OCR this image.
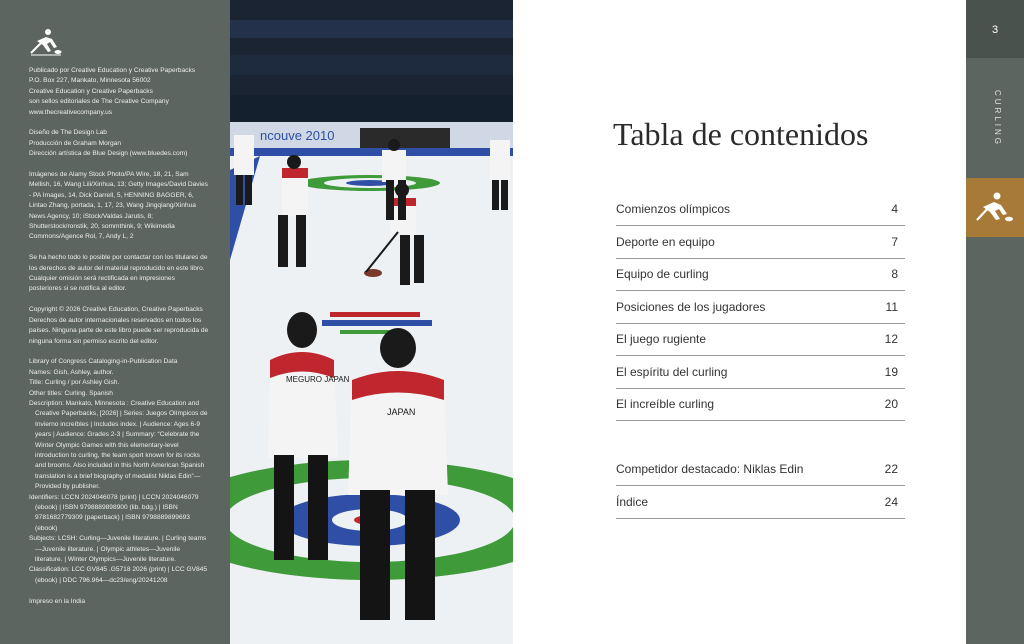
Publicado por Creative Education y Creative Paperbacks
P.O. Box 227, Mankato, Minnesota 56002
Creative Education y Creative Paperbacks
son sellos editoriales de The Creative Company
www.thecreativecompany.us

Diseño de The Design Lab
Producción de Graham Morgan
Dirección artística de Blue Design (www.bluedes.com)

Imágenes de Alamy Stock Photo/PA Wire, 18, 21, Sam Mellish, 16, Wang Lili/Xinhua, 13; Getty Images/David Davies - PA Images, 14, Dick Darrell, 5, HENNING BAGGER, 6, Lintao Zhang, portada, 1, 17, 23, Wang Jingqiang/Xinhua News Agency, 10; iStock/Valdas Jarutis, 8; Shutterstock/ronstik, 20, sommthink, 9; Wikimedia Commons/Agence Rol, 7, Andy L, 2

Se ha hecho todo lo posible por contactar con los titulares de los derechos de autor del material reproducido en este libro. Cualquier omisión será rectificada en impresiones posteriores si se notifica al editor.

Copyright © 2026 Creative Education, Creative Paperbacks Derechos de autor internacionales reservados en todos los países. Ninguna parte de este libro puede ser reproducida de ninguna forma sin permiso escrito del editor.

Library of Congress Cataloging-in-Publication Data
Names: Gish, Ashley, author.
Title: Curling / por Ashley Gish.
Other titles: Curling. Spanish
Description: Mankato, Minnesota : Creative Education and Creative Paperbacks, [2026] | Series: Juegos Olímpicos de Invierno increíbles | Includes index. | Audience: Ages 6-9 years | Audience: Grades 2-3 | Summary: “Celebrate the Winter Olympic Games with this elementary-level introduction to curling, the team sport known for its rocks and brooms. Also included in this North American Spanish translation is a brief biography of medalist Niklas Edin”— Provided by publisher.
Identifiers: LCCN 2024046078 (print) | LCCN 2024046079 (ebook) | ISBN 9798889898900 (lib. bdg.) | ISBN 9781682779309 (paperback) | ISBN 9798889899693 (ebook)
Subjects: LCSH: Curling—Juvenile literature. | Curling teams—Juvenile literature. | Olympic athletes—Juvenile literature. | Winter Olympics—Juvenile literature.
Classification: LCC GV845 .G5718 2026 (print) | LCC GV845 (ebook) | DDC 796.964—dc23/eng/20241208

Impreso en la India

ncouve 2010
MEGURO JAPAN
JAPAN
Tabla de contenidos
Comienzos olímpicos	4
Deporte en equipo	7
Equipo de curling	8
Posiciones de los jugadores	11
El juego rugiente	12
El espíritu del curling	19
El increíble curling	20
Competidor destacado: Niklas Edin	22
Índice	24
3
CURLING
